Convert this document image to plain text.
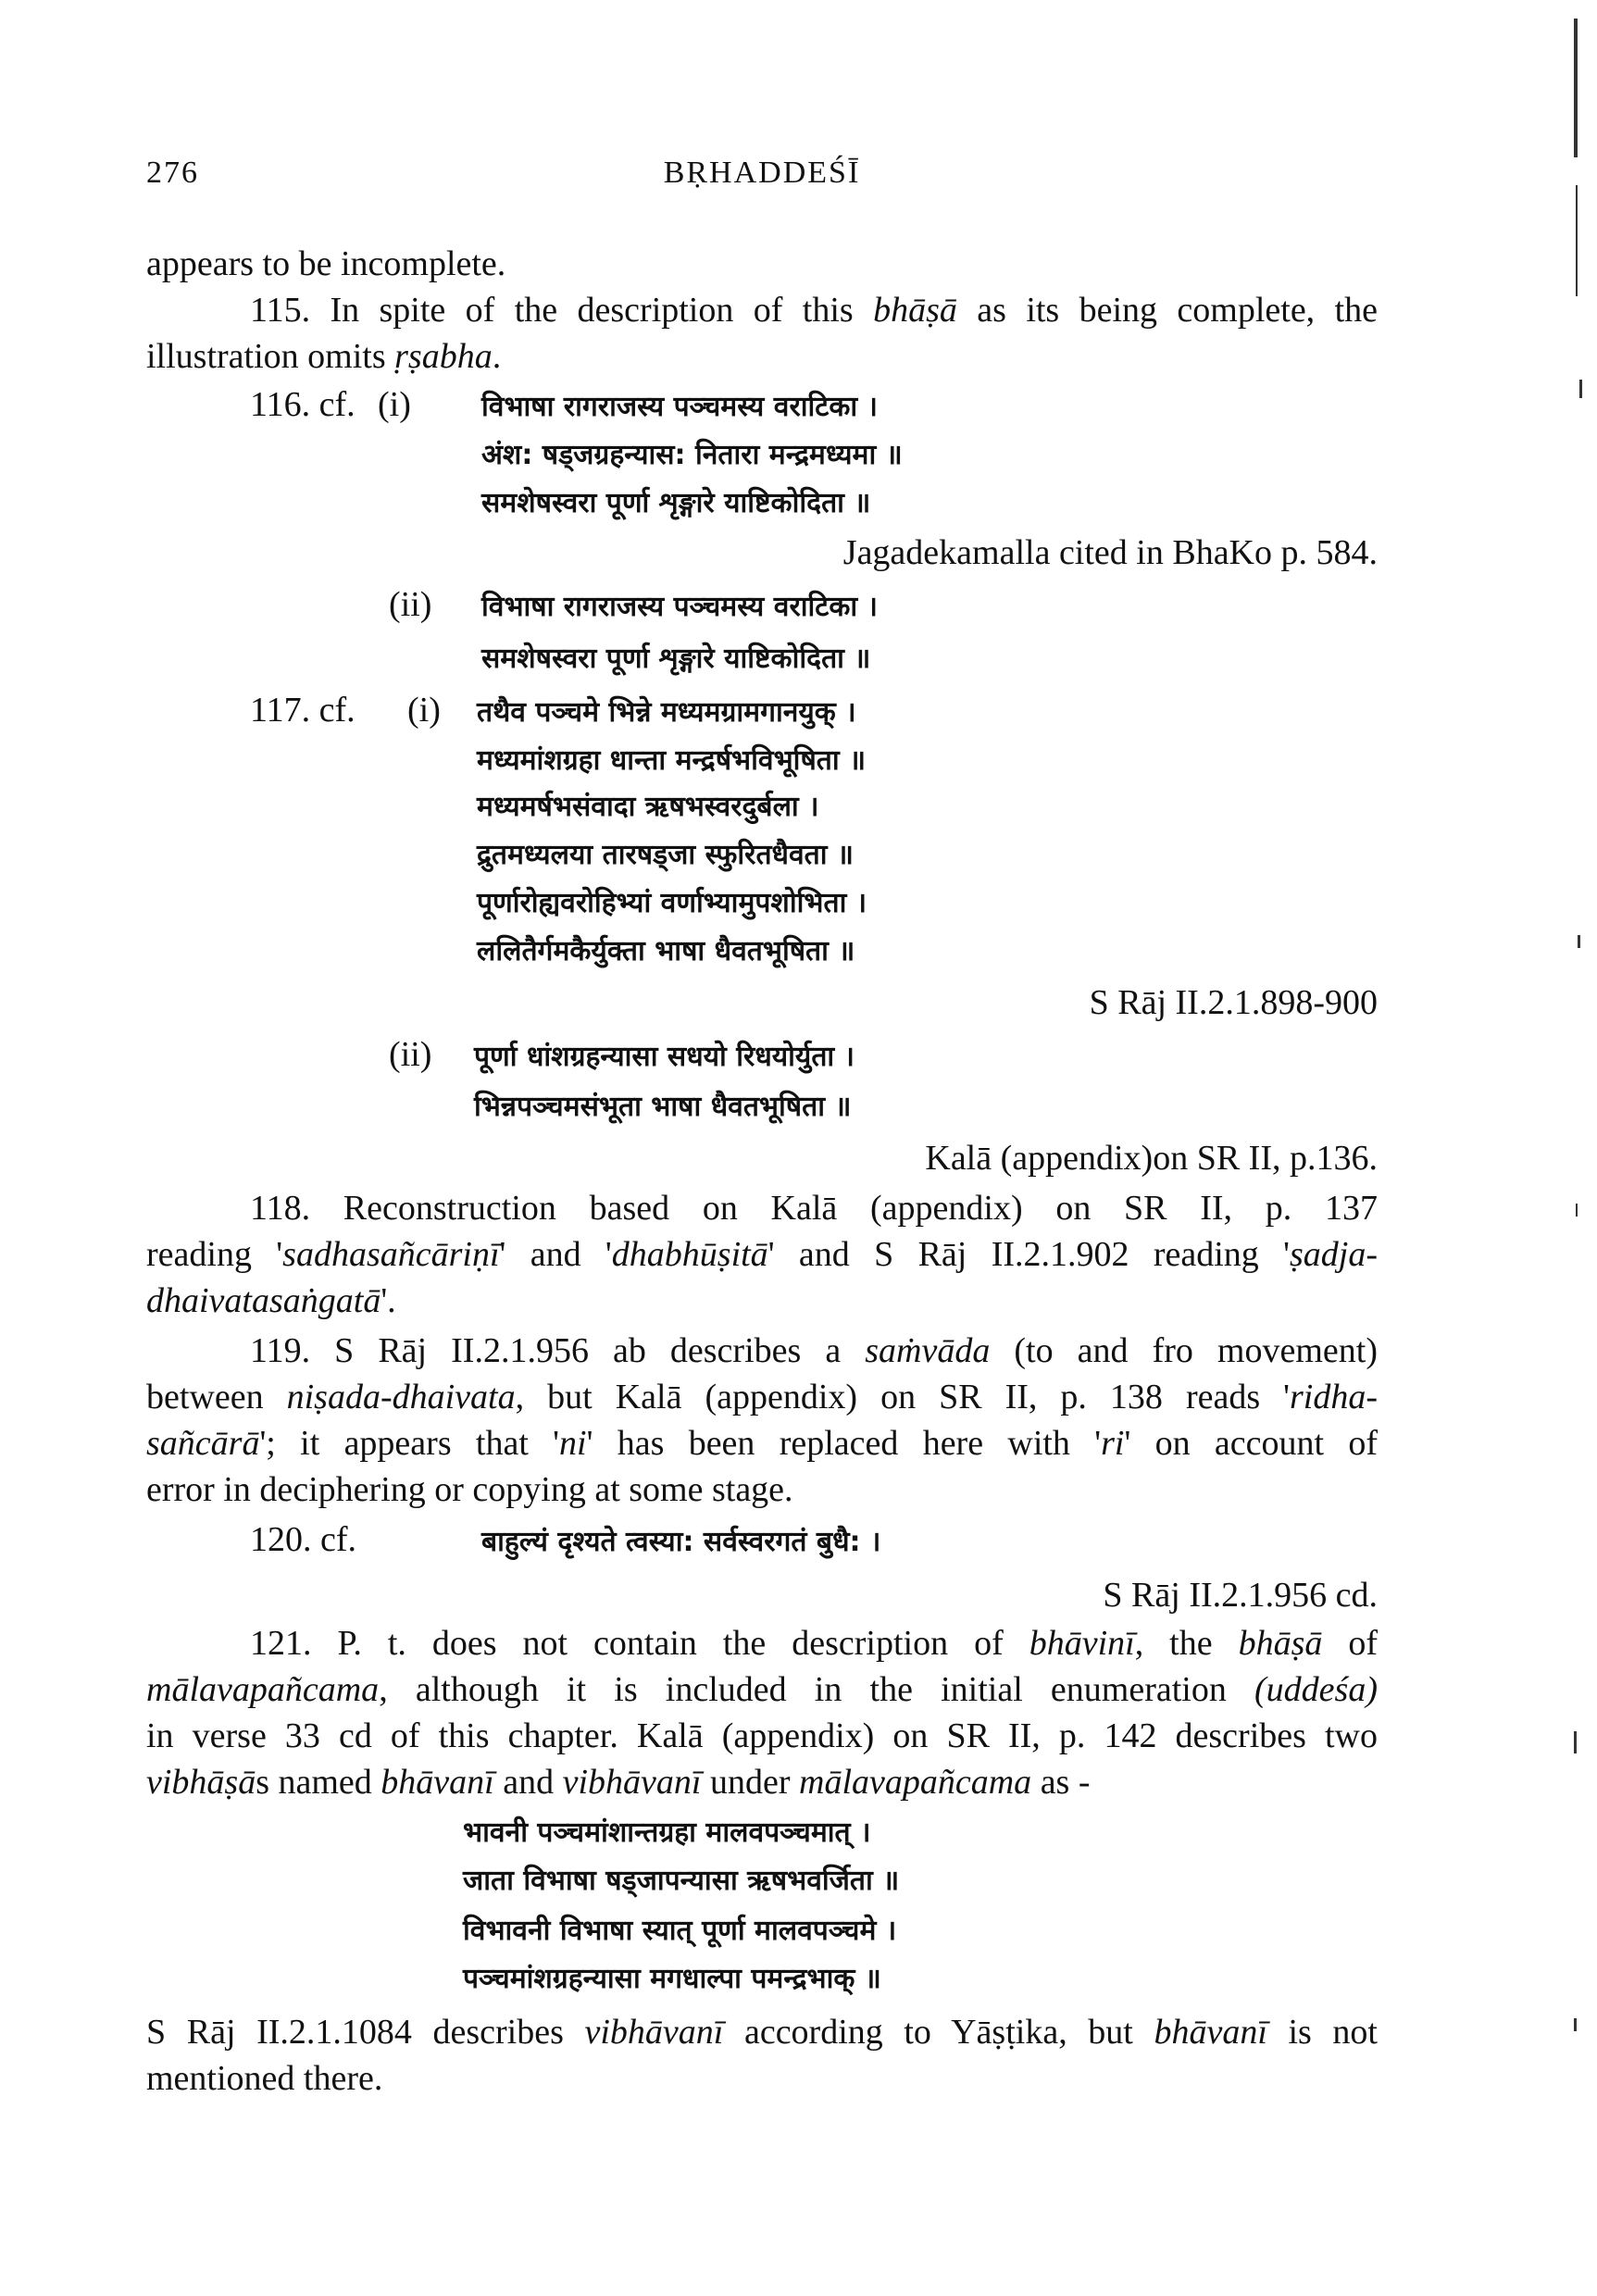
276	BṚHADDEŚĪ
appears to be incomplete.
115. In spite of the description of this bhāṣā as its being complete, the
illustration omits ṛṣabha.
116. cf. (i)	विभाषा रागराजस्य पञ्चमस्य वराटिका ।
अंश: षड्जग्रहन्यास: नितारा मन्द्रमध्यमा ॥
समशेषस्वरा पूर्णा शृङ्गारे याष्टिकोदिता ॥
Jagadekamalla cited in BhaKo p. 584.
(ii) विभाषा रागराजस्य पञ्चमस्य वराटिका ।
समशेषस्वरा पूर्णा शृङ्गारे याष्टिकोदिता ॥
117. cf. (i) तथैव पञ्चमे भिन्ने मध्यमग्रामगानयुक् ।
मध्यमांशग्रहा धान्ता मन्द्रर्षभविभूषिता ॥
मध्यमर्षभसंवादा ऋषभस्वरदुर्बला ।
द्रुतमध्यलया तारषड्जा स्फुरितधैवता ॥
पूर्णारोह्यवरोहिभ्यां वर्णाभ्यामुपशोभिता ।
ललितैर्गमकैर्युक्ता भाषा धैवतभूषिता ॥
S Rāj II.2.1.898-900
(ii) पूर्णा धांशग्रहन्यासा सधयो रिधयोर्युता ।
भिन्नपञ्चमसंभूता भाषा धैवतभूषिता ॥
Kalā (appendix)on SR II, p.136.
118. Reconstruction based on Kalā (appendix) on SR II, p. 137
reading 'sadhasañcāriṇī' and 'dhabhūṣitā' and S Rāj II.2.1.902 reading 'ṣadja-
dhaivatasaṅgatā'.
119. S Rāj II.2.1.956 ab describes a saṁvāda (to and fro movement)
between niṣada-dhaivata, but Kalā (appendix) on SR II, p. 138 reads 'ridha-
sañcārā'; it appears that 'ni' has been replaced here with 'ri' on account of
error in deciphering or copying at some stage.
120. cf.	बाहुल्यं दृश्यते त्वस्या: सर्वस्वरगतं बुधै: ।
S Rāj II.2.1.956 cd.
121. P. t. does not contain the description of bhāvinī, the bhāṣā of
mālavapañcama, although it is included in the initial enumeration (uddeśa)
in verse 33 cd of this chapter. Kalā (appendix) on SR II, p. 142 describes two
vibhāṣās named bhāvanī and vibhāvanī under mālavapañcama as -
भावनी पञ्चमांशान्तग्रहा मालवपञ्चमात् ।
जाता विभाषा षड्जापन्यासा ऋषभवर्जिता ॥
विभावनी विभाषा स्यात् पूर्णा मालवपञ्चमे ।
पञ्चमांशग्रहन्यासा मगधाल्पा पमन्द्रभाक् ॥
S Rāj II.2.1.1084 describes vibhāvanī according to Yāṣṭika, but bhāvanī is not
mentioned there.
